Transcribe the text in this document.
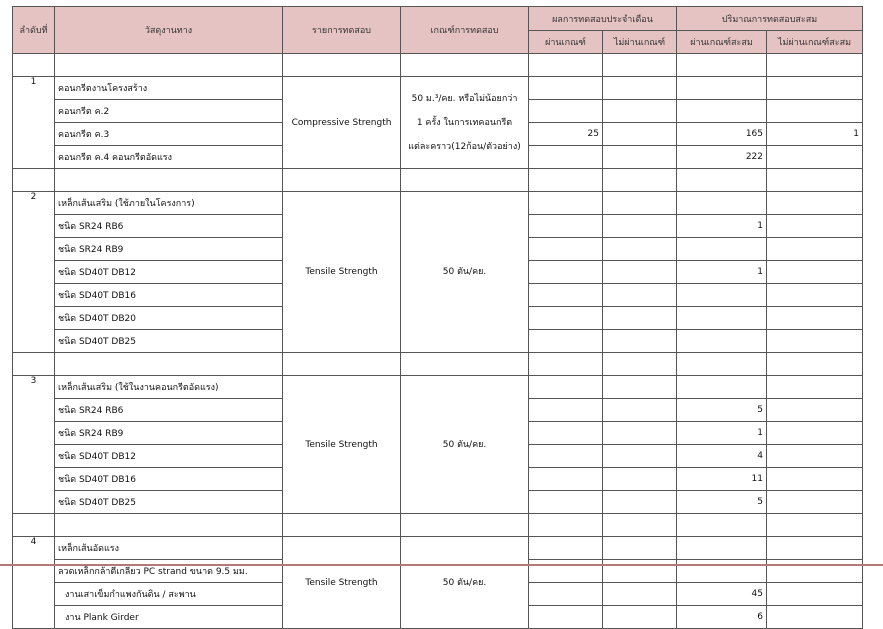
ลำดับที่	วัสดุงานทาง	รายการทดสอบ	เกณฑ์การทดสอบ	ผลการทดสอบประจำเดือน		ปริมาณการทดสอบสะสม	
				ผ่านเกณฑ์	ไม่ผ่านเกณฑ์	ผ่านเกณฑ์สะสม	ไม่ผ่านเกณฑ์สะสม

1	คอนกรีตงานโครงสร้าง	Compressive Strength	50 ม.³/คย. หรือไม่น้อยกว่า
1 ครั้ง ในการเทคอนกรีต
แต่ละคราว(12ก้อน/ตัวอย่าง)				

	คอนกรีต ค.2						
	คอนกรีต ค.3			25		165	1
	คอนกรีต ค.4 คอนกรีตอัดแรง					222	

2	เหล็กเส้นเสริม (ใช้ภายในโครงการ)	Tensile Strength	50 ตัน/คย.				
	ชนิด SR24 RB6					1	
	ชนิด SR24 RB9						
	ชนิด SD40T DB12					1	
	ชนิด SD40T DB16						
	ชนิด SD40T DB20						
	ชนิด SD40T DB25						

3	เหล็กเส้นเสริม (ใช้ในงานคอนกรีตอัดแรง)	Tensile Strength	50 ตัน/คย.				
	ชนิด SR24 RB6					5	
	ชนิด SR24 RB9					1	
	ชนิด SD40T DB12					4	
	ชนิด SD40T DB16					11	
	ชนิด SD40T DB25					5	

4	เหล็กเส้นอัดแรง	Tensile Strength	50 ตัน/คย.				
	ลวดเหล็กกล้าตีเกลียว PC strand ขนาด 9.5 มม.						
	งานเสาเข็มกำแพงกันดิน / สะพาน					45	
	งาน Plank Girder					6	
